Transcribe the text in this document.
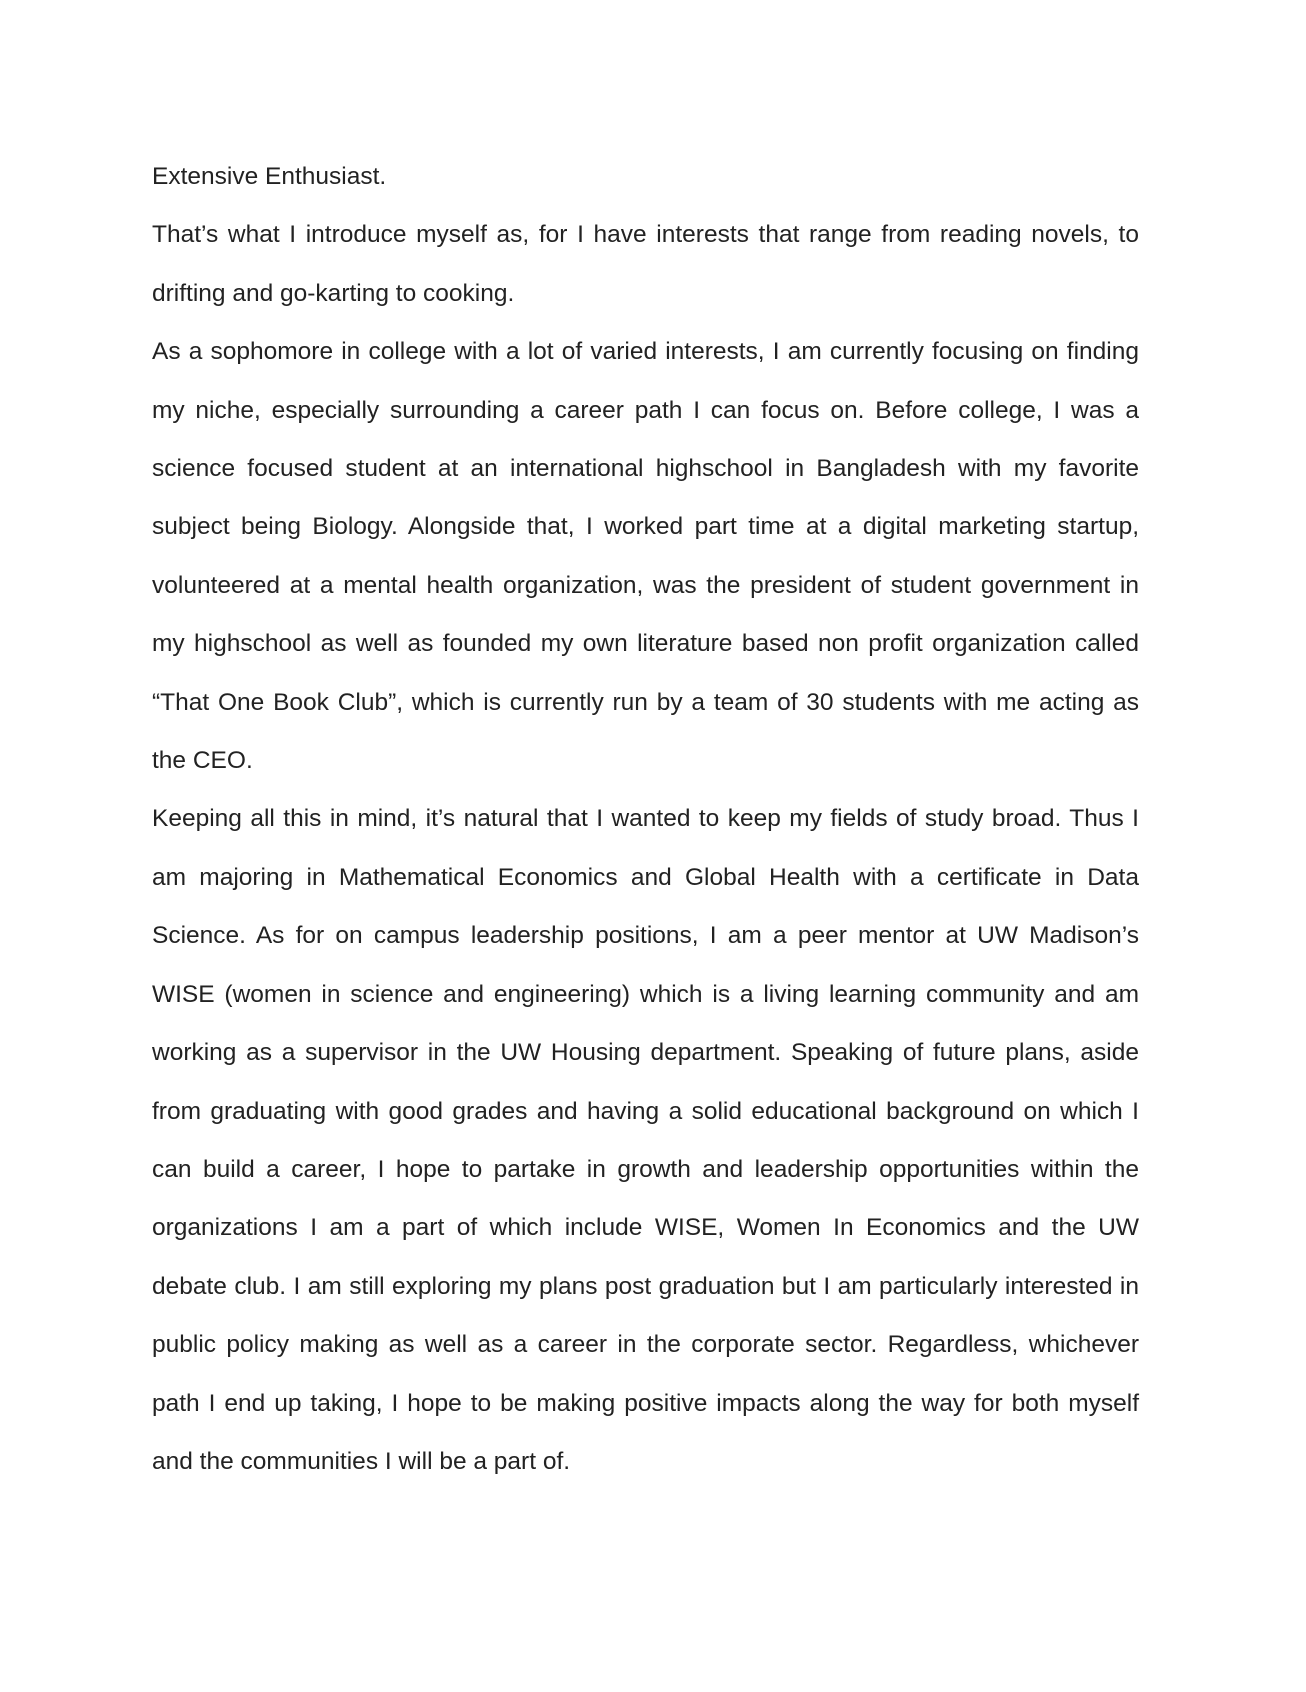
Extensive Enthusiast.

That’s what I introduce myself as, for I have interests that range from reading novels, to drifting and go-karting to cooking.

As a sophomore in college with a lot of varied interests, I am currently focusing on finding my niche, especially surrounding a career path I can focus on. Before college, I was a science focused student at an international highschool in Bangladesh with my favorite subject being Biology. Alongside that, I worked part time at a digital marketing startup, volunteered at a mental health organization, was the president of student government in my highschool as well as founded my own literature based non profit organization called “That One Book Club”, which is currently run by a team of 30 students with me acting as the CEO.

Keeping all this in mind, it’s natural that I wanted to keep my fields of study broad. Thus I am majoring in Mathematical Economics and Global Health with a certificate in Data Science. As for on campus leadership positions, I am a peer mentor at UW Madison’s WISE (women in science and engineering) which is a living learning community and am working as a supervisor in the UW Housing department. Speaking of future plans, aside from graduating with good grades and having a solid educational background on which I can build a career, I hope to partake in growth and leadership opportunities within the organizations I am a part of which include WISE, Women In Economics and the UW debate club. I am still exploring my plans post graduation but I am particularly interested in public policy making as well as a career in the corporate sector. Regardless, whichever path I end up taking, I hope to be making positive impacts along the way for both myself and the communities I will be a part of.
